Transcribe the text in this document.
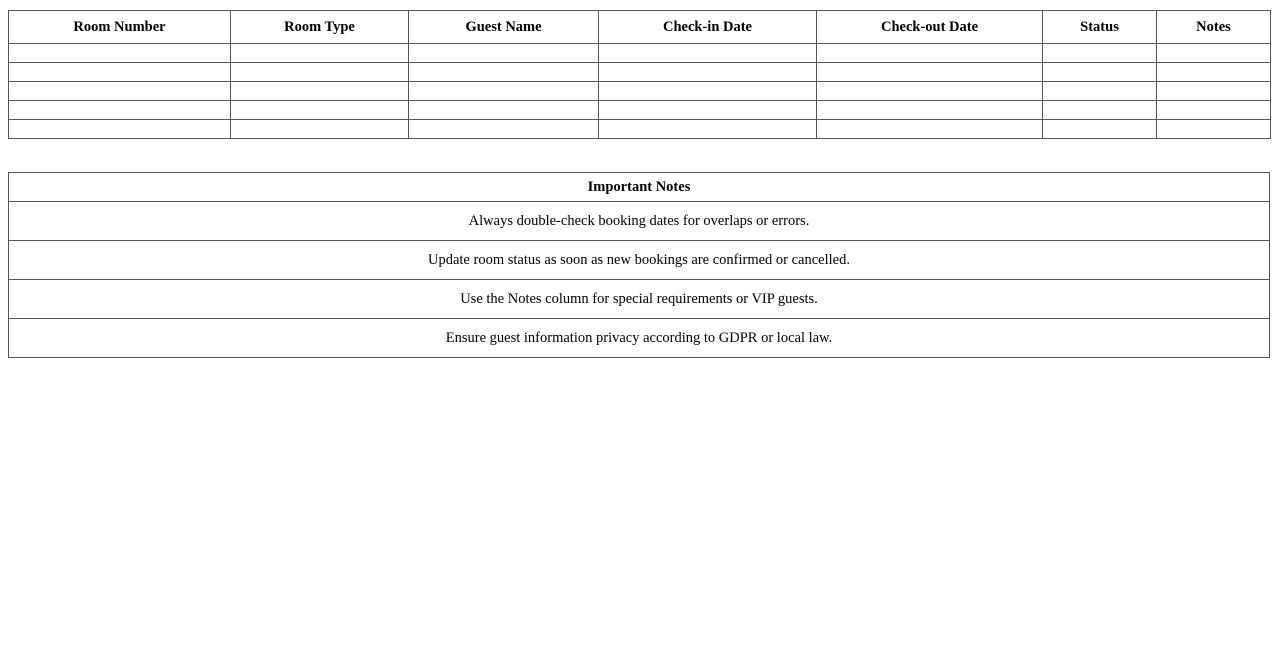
Room Number	Room Type	Guest Name	Check-in Date	Check-out Date	Status	Notes

Important Notes
Always double-check booking dates for overlaps or errors.
Update room status as soon as new bookings are confirmed or cancelled.
Use the Notes column for special requirements or VIP guests.
Ensure guest information privacy according to GDPR or local law.
